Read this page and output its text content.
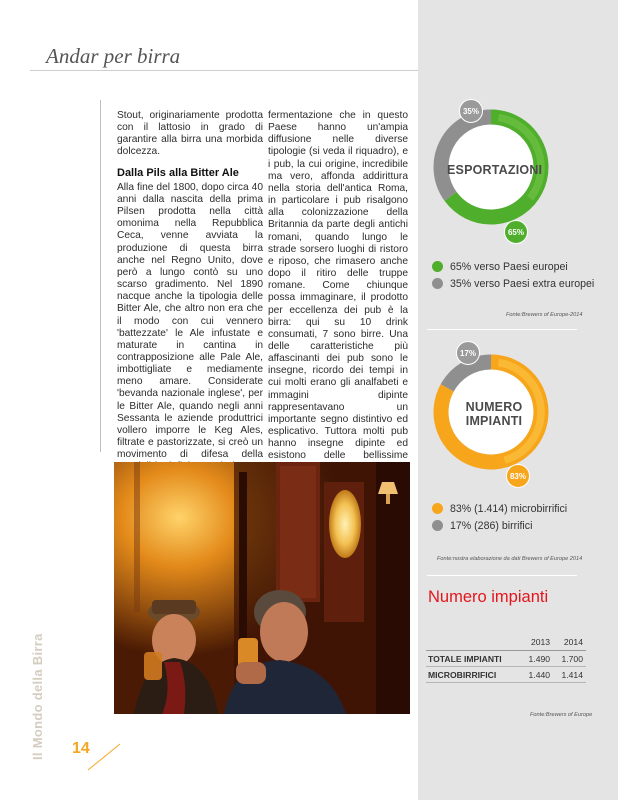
Andar per birra

Stout, originariamente prodotta con il lattosio in grado di garantire alla birra una morbida dolcezza.

Dalla Pils alla Bitter Ale

Alla fine del 1800, dopo circa 40 anni dalla nascita della prima Pilsen prodotta nella città omonima nella Repubblica Ceca, venne avviata la produzione di questa birra anche nel Regno Unito, dove però a lungo contò su uno scarso gradimento. Nel 1890 nacque anche la tipologia delle Bitter Ale, che altro non era che il modo con cui vennero 'battezzate' le Ale infustate e maturate in cantina in contrapposizione alle Pale Ale, imbottigliate e mediamente meno amare. Considerate 'bevanda nazionale inglese', per le Bitter Ale, quando negli anni Sessanta le aziende produttrici vollero imporre le Keg Ales, filtrate e pastorizzate, si creò un movimento di difesa della

fermentazione che in questo Paese hanno un'ampia diffusione nelle diverse tipologie (si veda il riquadro), e i pub, la cui origine, incredibile ma vero, affonda addirittura nella storia dell'antica Roma, in particolare i pub risalgono alla colonizzazione della Britannia da parte degli antichi romani, quando lungo le strade sorsero luoghi di ristoro e riposo, che rimasero anche dopo il ritiro delle truppe romane. Come chiunque possa immaginare, il prodotto per eccellenza dei pub è la birra: qui su 10 drink consumati, 7 sono birre. Una delle caratteristiche più affascinanti dei pub sono le insegne, ricordo dei tempi in cui molti erano gli analfabeti e immagini dipinte rappresentavano un importante segno distintivo ed esplicativo. Tuttora molti pub hanno insegne dipinte ed esistono delle bellissime

ESPORTAZIONI
35%
65%
65% verso Paesi europei
35% verso Paesi extra europei
Fonte:Brewers of Europe-2014
NUMERO
IMPIANTI
17%
83%
83% (1.414) microbirrifici
17% (286) birrifici
Fonte:nostra elaborazione da dati Brewers of Europe 2014
Numero impianti
	2013	2014
TOTALE IMPIANTI	1.490	1.700
MICROBIRRIFICI	1.440	1.414
Fonte:Brewers of Europe
Il Mondo della Birra 14
